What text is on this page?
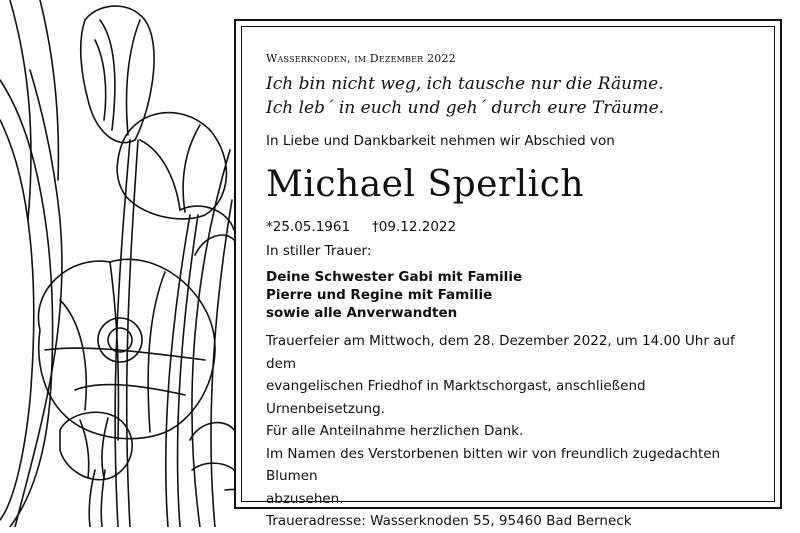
Wasserknoden, im Dezember 2022

Ich bin nicht weg, ich tausche nur die Räume.
Ich leb´ in euch und geh´ durch eure Träume.

In Liebe und Dankbarkeit nehmen wir Abschied von

Michael Sperlich
*25.05.1961 †09.12.2022
In stiller Trauer:
Deine Schwester Gabi mit Familie
Pierre und Regine mit Familie
sowie alle Anverwandten
Trauerfeier am Mittwoch, dem 28. Dezember 2022, um 14.00 Uhr auf dem
evangelischen Friedhof in Marktschorgast, anschließend Urnenbeisetzung.
Für alle Anteilnahme herzlichen Dank.
Im Namen des Verstorbenen bitten wir von freundlich zugedachten Blumen
abzusehen.
Traueradresse: Wasserknoden 55, 95460 Bad Berneck
